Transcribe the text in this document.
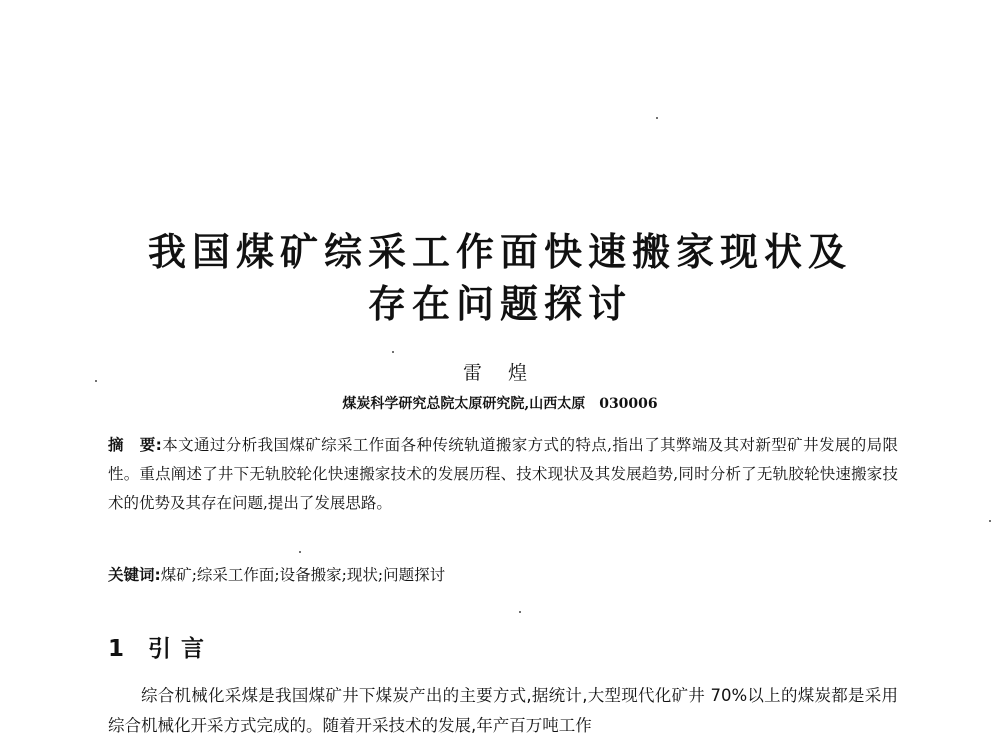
我国煤矿综采工作面快速搬家现状及
存在问题探讨
雷 煌
煤炭科学研究总院太原研究院,山西太原　030006

摘　要:本文通过分析我国煤矿综采工作面各种传统轨道搬家方式的特点,指出了其弊端及其对新型矿井发展的局限性。重点阐述了井下无轨胶轮化快速搬家技术的发展历程、技术现状及其发展趋势,同时分析了无轨胶轮快速搬家技术的优势及其存在问题,提出了发展思路。

关键词:煤矿;综采工作面;设备搬家;现状;问题探讨

1 引言

综合机械化采煤是我国煤矿井下煤炭产出的主要方式,据统计,大型现代化矿井 70%以上的煤炭都是采用综合机械化开采方式完成的。随着开采技术的发展,年产百万吨工作
